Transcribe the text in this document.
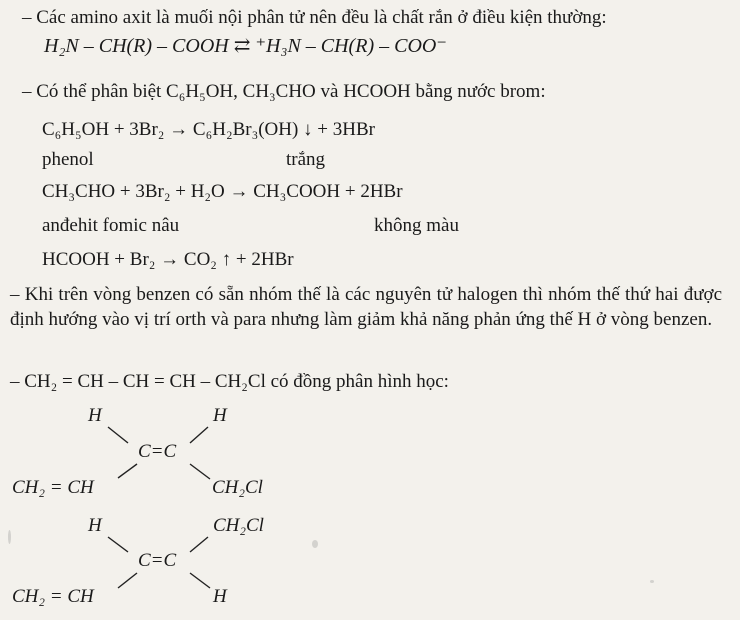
– Các amino axit là muối nội phân tử nên đều là chất rắn ở điều kiện thường:
H₂N – CH(R) – COOH ⇄ ⁺H₃N – CH(R) – COO⁻
– Có thể phân biệt C₆H₅OH, CH₃CHO và HCOOH bằng nước brom:
C₆H₅OH + 3Br₂ → C₆H₂Br₃(OH) ↓ + 3HBr
phenol	trắng
CH₃CHO + 3Br₂ + H₂O → CH₃COOH + 2HBr
anđehit fomic nâu	không màu
HCOOH + Br₂ → CO₂ ↑ + 2HBr
– Khi trên vòng benzen có sẵn nhóm thế là các nguyên tử halogen thì nhóm thế thứ hai được định hướng vào vị trí orth và para nhưng làm giảm khả năng phản ứng thế H ở vòng benzen.
– CH₂ = CH – CH = CH – CH₂Cl có đồng phân hình học:
H	H
C=C
CH₂ = CH	CH₂Cl
H	CH₂Cl
C=C
CH₂ = CH	H
